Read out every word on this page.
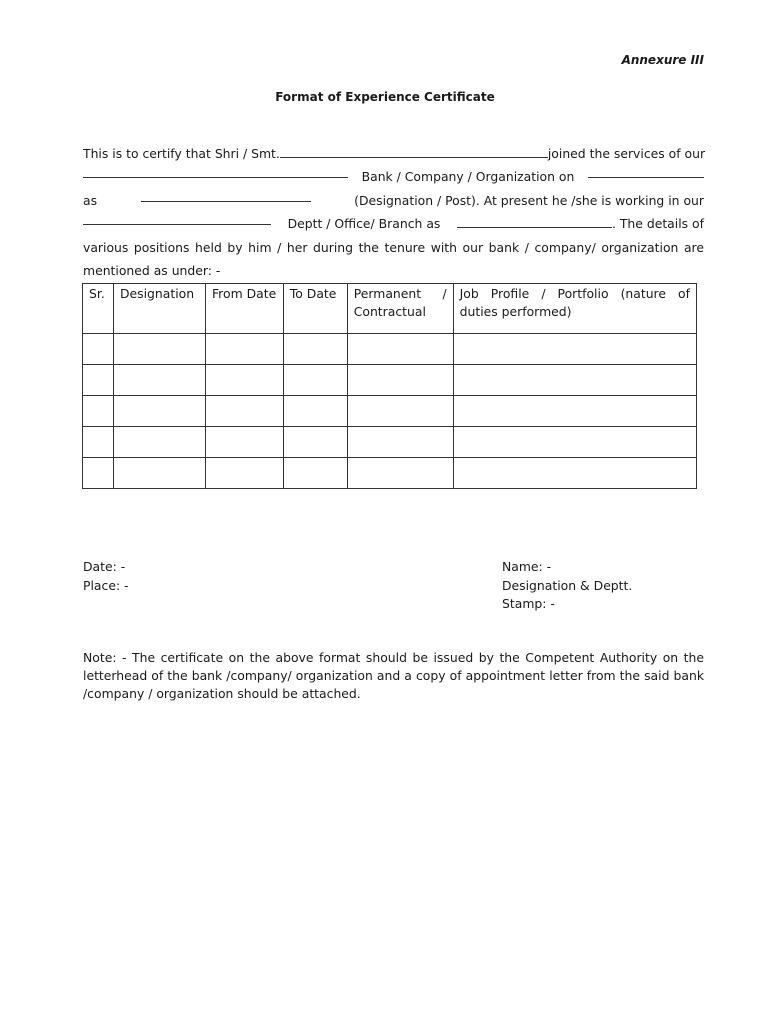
Annexure III
Format of Experience Certificate
This is to certify that Shri / Smt.	joined the services of our
Bank / Company / Organization on
as	(Designation / Post). At present he /she is working in our
Deptt / Office/ Branch as	. The details of
various positions held by him / her during the tenure with our bank / company/ organization are
mentioned as under: -
Sr.	Designation	From Date	To Date	Permanent / Contractual	Job Profile / Portfolio (nature of duties performed)

Date: -
Place: -
Name: -
Designation & Deptt.
Stamp: -
Note: - The certificate on the above format should be issued by the Competent Authority on the letterhead of the bank /company/ organization and a copy of appointment letter from the said bank /company / organization should be attached.
